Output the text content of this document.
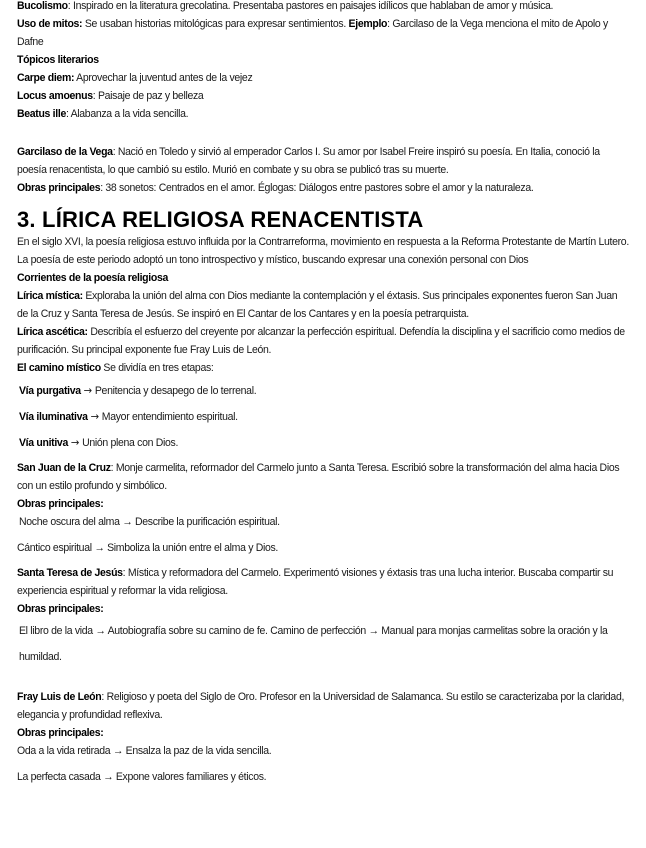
Bucolismo: Inspirado en la literatura grecolatina. Presentaba pastores en paisajes idílicos que hablaban de amor y música.

Uso de mitos: Se usaban historias mitológicas para expresar sentimientos. Ejemplo: Garcilaso de la Vega menciona el mito de Apolo y Dafne

Tópicos literarios

Carpe diem: Aprovechar la juventud antes de la vejez

Locus amoenus: Paisaje de paz y belleza

Beatus ille: Alabanza a la vida sencilla.

Garcilaso de la Vega: Nació en Toledo y sirvió al emperador Carlos I. Su amor por Isabel Freire inspiró su poesía. En Italia, conoció la poesía renacentista, lo que cambió su estilo. Murió en combate y su obra se publicó tras su muerte.

Obras principales: 38 sonetos: Centrados en el amor. Églogas: Diálogos entre pastores sobre el amor y la naturaleza.

3. LÍRICA RELIGIOSA RENACENTISTA

En el siglo XVI, la poesía religiosa estuvo influida por la Contrarreforma, movimiento en respuesta a la Reforma Protestante de Martín Lutero. La poesía de este periodo adoptó un tono introspectivo y místico, buscando expresar una conexión personal con Dios

Corrientes de la poesía religiosa

Lírica mística: Exploraba la unión del alma con Dios mediante la contemplación y el éxtasis. Sus principales exponentes fueron San Juan de la Cruz y Santa Teresa de Jesús. Se inspiró en El Cantar de los Cantares y en la poesía petrarquista.

Lírica ascética: Describía el esfuerzo del creyente por alcanzar la perfección espiritual. Defendía la disciplina y el sacrificio como medios de purificación. Su principal exponente fue Fray Luis de León.

El camino místico Se dividía en tres etapas:

Vía purgativa → Penitencia y desapego de lo terrenal.

Vía iluminativa → Mayor entendimiento espiritual.

Vía unitiva → Unión plena con Dios.

San Juan de la Cruz: Monje carmelita, reformador del Carmelo junto a Santa Teresa. Escribió sobre la transformación del alma hacia Dios con un estilo profundo y simbólico.

Obras principales:

Noche oscura del alma → Describe la purificación espiritual.

Cántico espiritual → Simboliza la unión entre el alma y Dios.

Santa Teresa de Jesús: Mística y reformadora del Carmelo. Experimentó visiones y éxtasis tras una lucha interior. Buscaba compartir su experiencia espiritual y reformar la vida religiosa.

Obras principales:

El libro de la vida → Autobiografía sobre su camino de fe. Camino de perfección → Manual para monjas carmelitas sobre la oración y la humildad.

Fray Luis de León: Religioso y poeta del Siglo de Oro. Profesor en la Universidad de Salamanca. Su estilo se caracterizaba por la claridad, elegancia y profundidad reflexiva.

Obras principales:

Oda a la vida retirada → Ensalza la paz de la vida sencilla.

La perfecta casada → Expone valores familiares y éticos.
